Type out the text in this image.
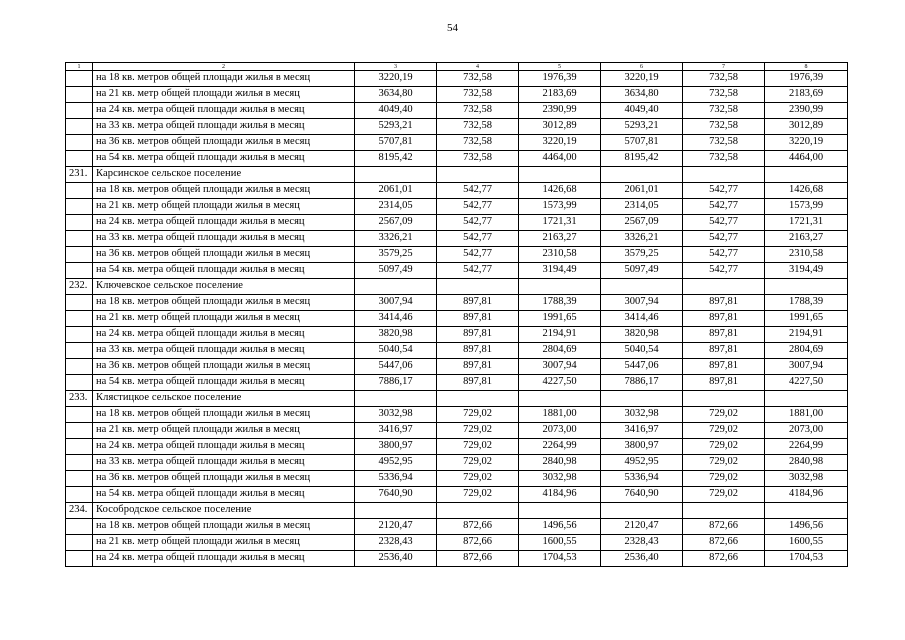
54
1	2	3	4	5	6	7	8
	на 18 кв. метров общей площади жилья в месяц	3220,19	732,58	1976,39	3220,19	732,58	1976,39
	на 21 кв. метр общей площади жилья в месяц	3634,80	732,58	2183,69	3634,80	732,58	2183,69
	на 24 кв. метра общей площади жилья в месяц	4049,40	732,58	2390,99	4049,40	732,58	2390,99
	на 33 кв. метра общей площади жилья в месяц	5293,21	732,58	3012,89	5293,21	732,58	3012,89
	на 36 кв. метров общей площади жилья в месяц	5707,81	732,58	3220,19	5707,81	732,58	3220,19
	на 54 кв. метра общей площади жилья в месяц	8195,42	732,58	4464,00	8195,42	732,58	4464,00
231.	Карсинское сельское поселение						
	на 18 кв. метров общей площади жилья в месяц	2061,01	542,77	1426,68	2061,01	542,77	1426,68
	на 21 кв. метр общей площади жилья в месяц	2314,05	542,77	1573,99	2314,05	542,77	1573,99
	на 24 кв. метра общей площади жилья в месяц	2567,09	542,77	1721,31	2567,09	542,77	1721,31
	на 33 кв. метра общей площади жилья в месяц	3326,21	542,77	2163,27	3326,21	542,77	2163,27
	на 36 кв. метров общей площади жилья в месяц	3579,25	542,77	2310,58	3579,25	542,77	2310,58
	на 54 кв. метра общей площади жилья в месяц	5097,49	542,77	3194,49	5097,49	542,77	3194,49
232.	Ключевское сельское поселение						
	на 18 кв. метров общей площади жилья в месяц	3007,94	897,81	1788,39	3007,94	897,81	1788,39
	на 21 кв. метр общей площади жилья в месяц	3414,46	897,81	1991,65	3414,46	897,81	1991,65
	на 24 кв. метра общей площади жилья в месяц	3820,98	897,81	2194,91	3820,98	897,81	2194,91
	на 33 кв. метра общей площади жилья в месяц	5040,54	897,81	2804,69	5040,54	897,81	2804,69
	на 36 кв. метров общей площади жилья в месяц	5447,06	897,81	3007,94	5447,06	897,81	3007,94
	на 54 кв. метра общей площади жилья в месяц	7886,17	897,81	4227,50	7886,17	897,81	4227,50
233.	Клястицкое сельское поселение						
	на 18 кв. метров общей площади жилья в месяц	3032,98	729,02	1881,00	3032,98	729,02	1881,00
	на 21 кв. метр общей площади жилья в месяц	3416,97	729,02	2073,00	3416,97	729,02	2073,00
	на 24 кв. метра общей площади жилья в месяц	3800,97	729,02	2264,99	3800,97	729,02	2264,99
	на 33 кв. метра общей площади жилья в месяц	4952,95	729,02	2840,98	4952,95	729,02	2840,98
	на 36 кв. метров общей площади жилья в месяц	5336,94	729,02	3032,98	5336,94	729,02	3032,98
	на 54 кв. метра общей площади жилья в месяц	7640,90	729,02	4184,96	7640,90	729,02	4184,96
234.	Кособродское сельское поселение						
	на 18 кв. метров общей площади жилья в месяц	2120,47	872,66	1496,56	2120,47	872,66	1496,56
	на 21 кв. метр общей площади жилья в месяц	2328,43	872,66	1600,55	2328,43	872,66	1600,55
	на 24 кв. метра общей площади жилья в месяц	2536,40	872,66	1704,53	2536,40	872,66	1704,53
